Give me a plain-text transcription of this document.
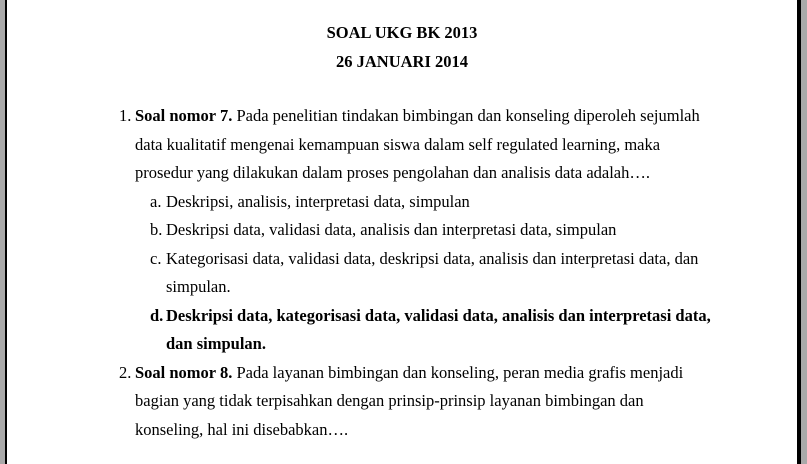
SOAL UKG BK 2013
26 JANUARI 2014
1. Soal nomor 7. Pada penelitian tindakan bimbingan dan konseling diperoleh sejumlah data kualitatif mengenai kemampuan siswa dalam self regulated learning, maka prosedur yang dilakukan dalam proses pengolahan dan analisis data adalah….
a. Deskripsi, analisis, interpretasi data, simpulan
b. Deskripsi data, validasi data, analisis dan interpretasi data, simpulan
c. Kategorisasi data, validasi data, deskripsi data, analisis dan interpretasi data, dan simpulan.
d. Deskripsi data, kategorisasi data, validasi data, analisis dan interpretasi data, dan simpulan.
2. Soal nomor 8. Pada layanan bimbingan dan konseling, peran media grafis menjadi bagian yang tidak terpisahkan dengan prinsip-prinsip layanan bimbingan dan konseling, hal ini disebabkan….
